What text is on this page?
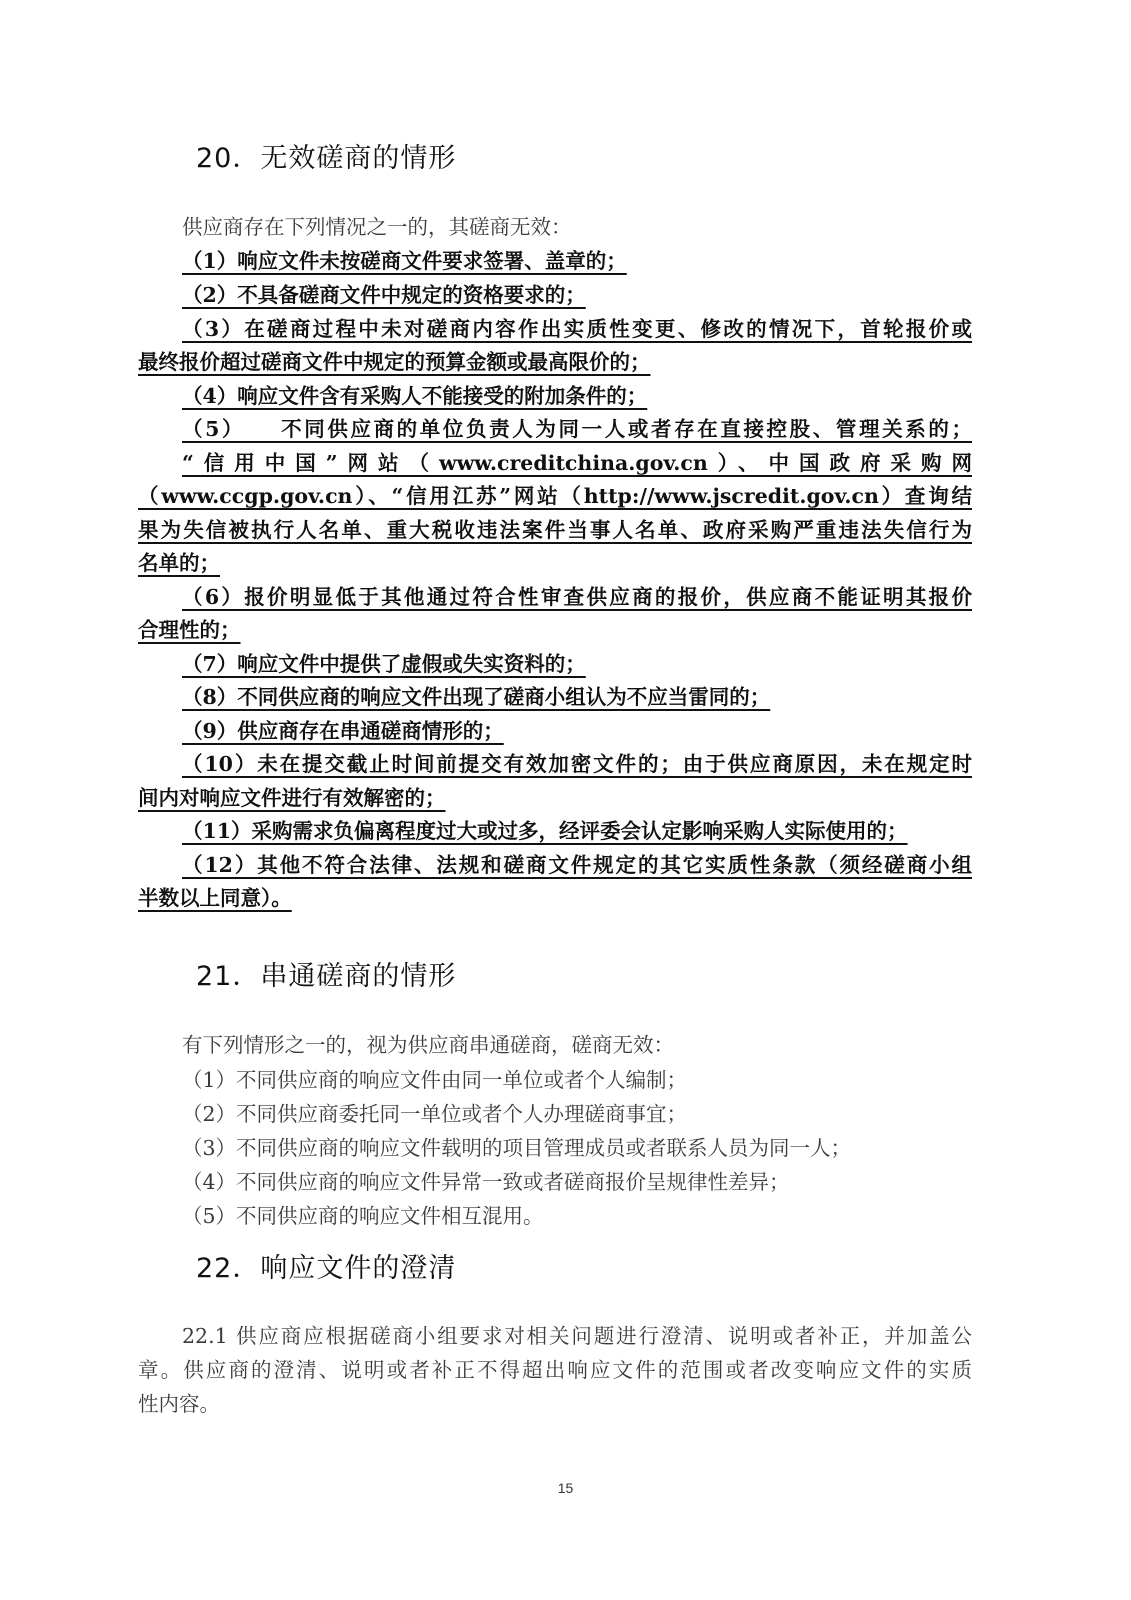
20．无效磋商的情形
供应商存在下列情况之一的，其磋商无效：
（1）响应文件未按磋商文件要求签署、盖章的；
（2）不具备磋商文件中规定的资格要求的；
（3）在磋商过程中未对磋商内容作出实质性变更、修改的情况下，首轮报价或
最终报价超过磋商文件中规定的预算金额或最高限价的；
（4）响应文件含有采购人不能接受的附加条件的；
（5）　　不同供应商的单位负责人为同一人或者存在直接控股、管理关系的；
“信用中国”网站（www.creditchina.gov.cn）、中国政府采购网
（www.ccgp.gov.cn）、“信用江苏”网站（http://www.jscredit.gov.cn）查询结
果为失信被执行人名单、重大税收违法案件当事人名单、政府采购严重违法失信行为
名单的；
（6）报价明显低于其他通过符合性审查供应商的报价，供应商不能证明其报价
合理性的；
（7）响应文件中提供了虚假或失实资料的；
（8）不同供应商的响应文件出现了磋商小组认为不应当雷同的；
（9）供应商存在串通磋商情形的；
（10）未在提交截止时间前提交有效加密文件的；由于供应商原因，未在规定时
间内对响应文件进行有效解密的；
（11）采购需求负偏离程度过大或过多，经评委会认定影响采购人实际使用的；
（12）其他不符合法律、法规和磋商文件规定的其它实质性条款（须经磋商小组
半数以上同意）。
21．串通磋商的情形
有下列情形之一的，视为供应商串通磋商，磋商无效：
（1）不同供应商的响应文件由同一单位或者个人编制；
（2）不同供应商委托同一单位或者个人办理磋商事宜；
（3）不同供应商的响应文件载明的项目管理成员或者联系人员为同一人；
（4）不同供应商的响应文件异常一致或者磋商报价呈规律性差异；
（5）不同供应商的响应文件相互混用。
22．响应文件的澄清
22.1 供应商应根据磋商小组要求对相关问题进行澄清、说明或者补正，并加盖公
章。供应商的澄清、说明或者补正不得超出响应文件的范围或者改变响应文件的实质
性内容。
15
